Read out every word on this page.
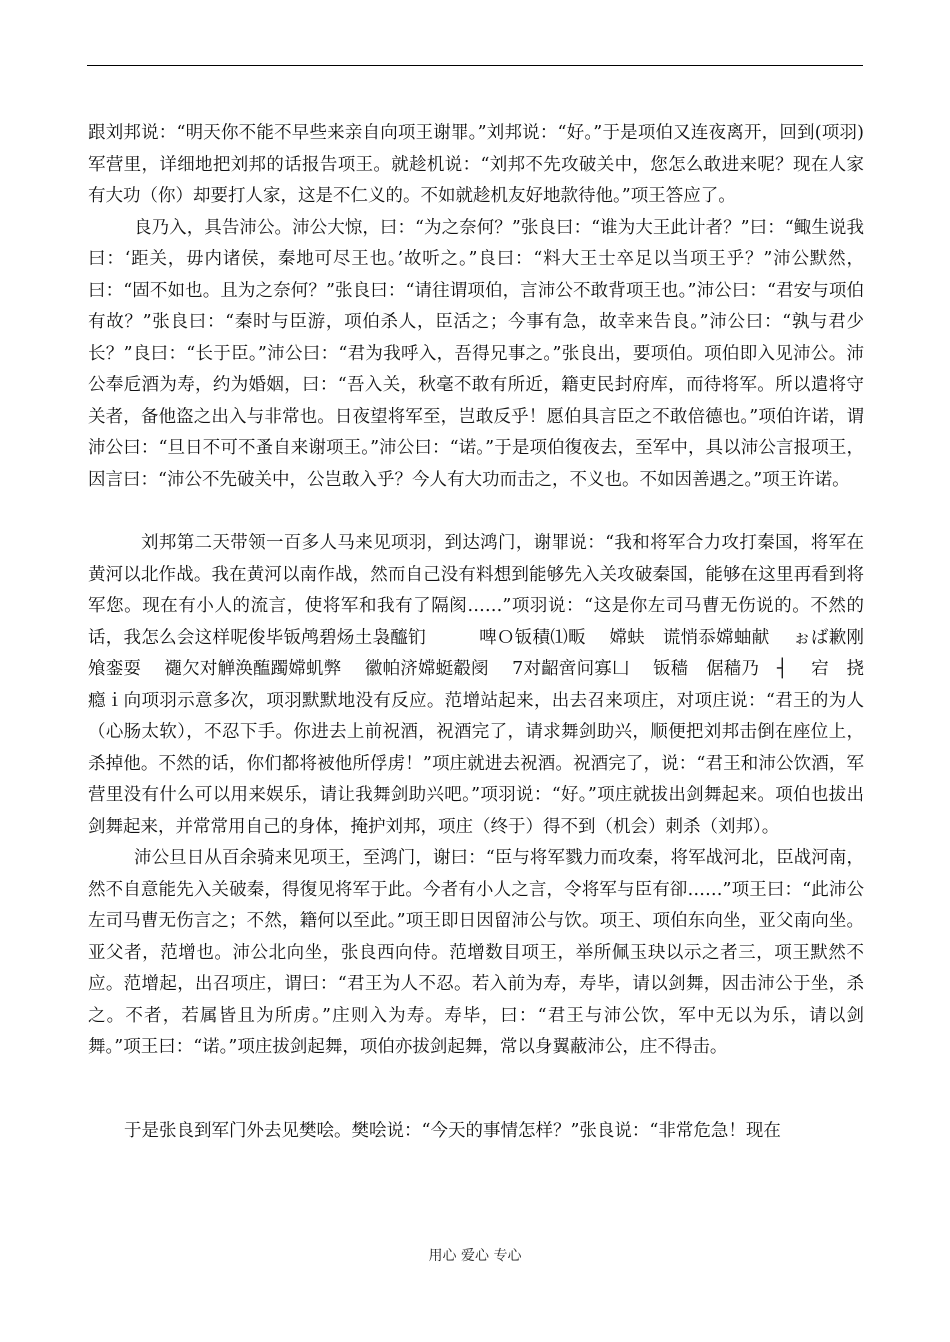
跟刘邦说：“明天你不能不早些来亲自向项王谢罪。”刘邦说：“好。”于是项伯又连夜离开，回到(项羽)军营里，详细地把刘邦的话报告项王。就趁机说：“刘邦不先攻破关中，您怎么敢进来呢？现在人家有大功（你）却要打人家，这是不仁义的。不如就趁机友好地款待他。”项王答应了。

良乃入，具告沛公。沛公大惊，曰：“为之奈何？”张良曰：“谁为大王此计者？”曰：“鲰生说我曰：‘距关，毋内诸侯，秦地可尽王也。’故听之。”良曰：“料大王士卒足以当项王乎？”沛公默然，曰：“固不如也。且为之奈何？”张良曰：“请往谓项伯，言沛公不敢背项王也。”沛公曰：“君安与项伯有故？”张良曰：“秦时与臣游，项伯杀人，臣活之；今事有急，故幸来告良。”沛公曰：“孰与君少长？”良曰：“长于臣。”沛公曰：“君为我呼入，吾得兄事之。”张良出，要项伯。项伯即入见沛公。沛公奉卮酒为寿，约为婚姻，曰：“吾入关，秋毫不敢有所近，籍吏民封府库，而待将军。所以遣将守关者，备他盗之出入与非常也。日夜望将军至，岂敢反乎！愿伯具言臣之不敢倍德也。”项伯许诺，谓沛公曰：“旦日不可不蚤自来谢项王。”沛公曰：“诺。”于是项伯復夜去，至军中，具以沛公言报项王，因言曰：“沛公不先破关中，公岂敢入乎？今人有大功而击之，不义也。不如因善遇之。”项王许诺。

刘邦第二天带领一百多人马来见项羽，到达鸿门，谢罪说：“我和将军合力攻打秦国，将军在黄河以北作战。我在黄河以南作战，然而自己没有料想到能够先入关攻破秦国，能够在这里再看到将军您。现在有小人的流言，使将军和我有了隔阂……”项羽说：“这是你左司马曹无伤说的。不然的话，我怎么会这样呢俊毕钣鸬碧炀土袅醯钔　　　啤Ｏ钣積⑴畈　 嫦蚨　谎悄忝嫦蚰献　 ぉば歉刚飧銮耍　 禵欠对觯涣醢躅嫦虮弊　 徽帕济嫦蜓觳阌　 7对齠啻问寡凵　 钣穑　倨穑乃　┤　 宕　挠瘾ｉ向项羽示意多次，项羽默默地没有反应。范增站起来，出去召来项庄，对项庄说：“君王的为人（心肠太软），不忍下手。你进去上前祝酒，祝酒完了，请求舞剑助兴，顺便把刘邦击倒在座位上，杀掉他。不然的话，你们都将被他所俘虏！”项庄就进去祝酒。祝酒完了，说：“君王和沛公饮酒，军营里没有什么可以用来娱乐，请让我舞剑助兴吧。”项羽说：“好。”项庄就拔出剑舞起来。项伯也拔出剑舞起来，并常常用自己的身体，掩护刘邦，项庄（终于）得不到（机会）刺杀（刘邦）。

沛公旦日从百余骑来见项王，至鸿门，谢曰：“臣与将军戮力而攻秦，将军战河北，臣战河南，然不自意能先入关破秦，得復见将军于此。今者有小人之言，令将军与臣有卻……”项王曰：“此沛公左司马曹无伤言之；不然，籍何以至此。”项王即日因留沛公与饮。项王、项伯东向坐，亚父南向坐。亚父者，范增也。沛公北向坐，张良西向侍。范增数目项王，举所佩玉玦以示之者三，项王默然不应。范增起，出召项庄，谓曰：“君王为人不忍。若入前为寿，寿毕，请以剑舞，因击沛公于坐，杀之。不者，若属皆且为所虏。”庄则入为寿。寿毕，曰：“君王与沛公饮，军中无以为乐，请以剑舞。”项王曰：“诺。”项庄拔剑起舞，项伯亦拔剑起舞，常以身翼蔽沛公，庄不得击。

于是张良到军门外去见樊哙。樊哙说：“今天的事情怎样？”张良说：“非常危急！现在

用心 爱心 专心
